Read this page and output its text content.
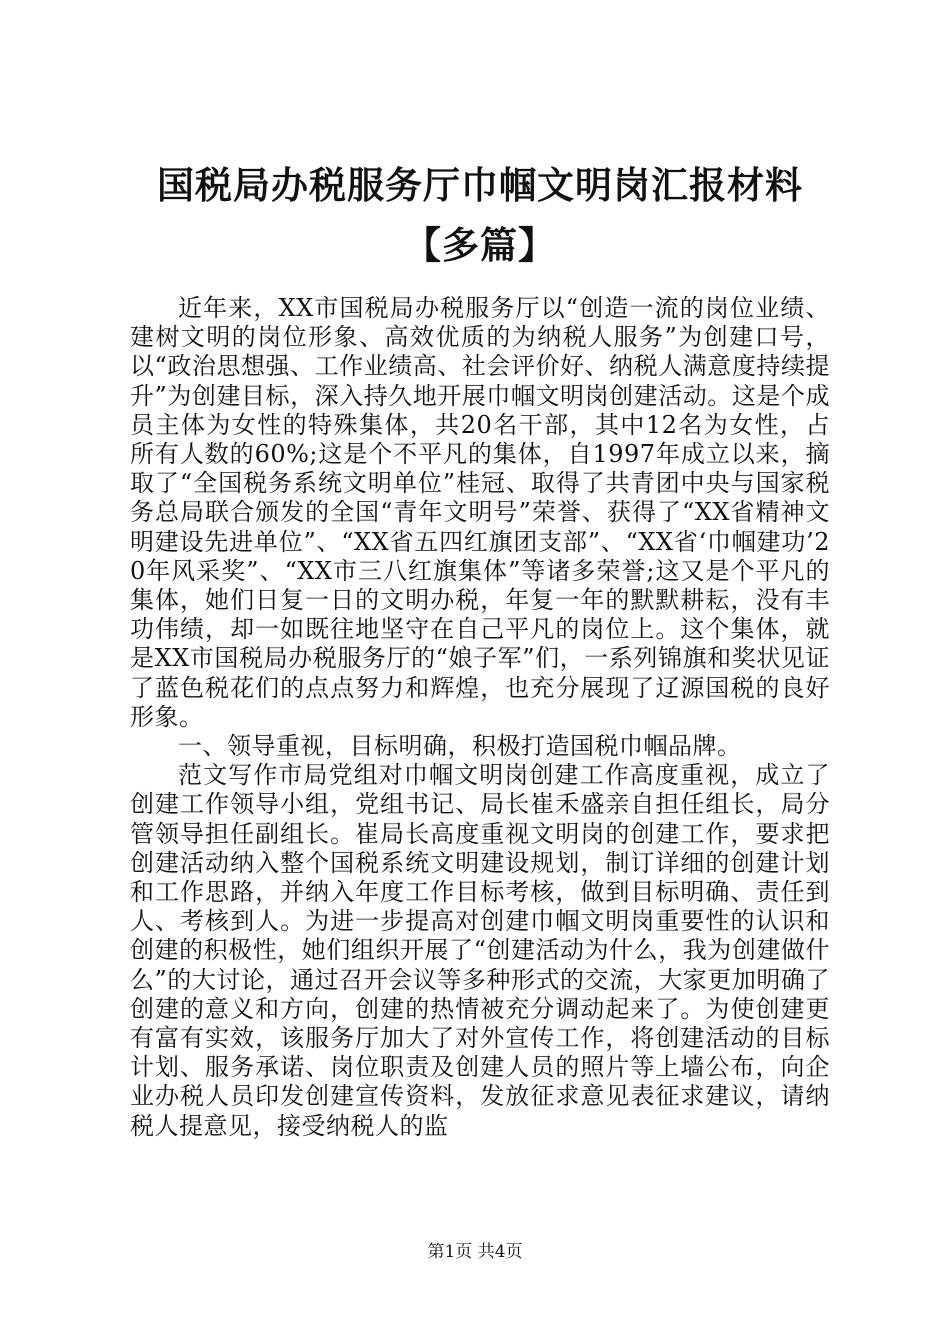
国税局办税服务厅巾帼文明岗汇报材料【多篇】

近年来，XX市国税局办税服务厅以“创造一流的岗位业绩、建树文明的岗位形象、高效优质的为纳税人服务”为创建口号，以“政治思想强、工作业绩高、社会评价好、纳税人满意度持续提升”为创建目标，深入持久地开展巾帼文明岗创建活动。这是个成员主体为女性的特殊集体，共20名干部，其中12名为女性，占所有人数的60%;这是个不平凡的集体，自1997年成立以来，摘取了“全国税务系统文明单位”桂冠、取得了共青团中央与国家税务总局联合颁发的全国“青年文明号”荣誉、获得了“XX省精神文明建设先进单位”、“XX省五四红旗团支部”、“XX省‘巾帼建功’20年风采奖”、“XX市三八红旗集体”等诸多荣誉;这又是个平凡的集体，她们日复一日的文明办税，年复一年的默默耕耘，没有丰功伟绩，却一如既往地坚守在自己平凡的岗位上。这个集体，就是XX市国税局办税服务厅的“娘子军”们，一系列锦旗和奖状见证了蓝色税花们的点点努力和辉煌，也充分展现了辽源国税的良好形象。

一、领导重视，目标明确，积极打造国税巾帼品牌。

范文写作市局党组对巾帼文明岗创建工作高度重视，成立了创建工作领导小组，党组书记、局长崔禾盛亲自担任组长，局分管领导担任副组长。崔局长高度重视文明岗的创建工作，要求把创建活动纳入整个国税系统文明建设规划，制订详细的创建计划和工作思路，并纳入年度工作目标考核，做到目标明确、责任到人、考核到人。为进一步提高对创建巾帼文明岗重要性的认识和创建的积极性，她们组织开展了“创建活动为什么，我为创建做什么”的大讨论，通过召开会议等多种形式的交流，大家更加明确了创建的意义和方向，创建的热情被充分调动起来了。为使创建更有富有实效，该服务厅加大了对外宣传工作，将创建活动的目标计划、服务承诺、岗位职责及创建人员的照片等上墙公布，向企业办税人员印发创建宣传资料，发放征求意见表征求建议，请纳税人提意见，接受纳税人的监

第1页 共4页
